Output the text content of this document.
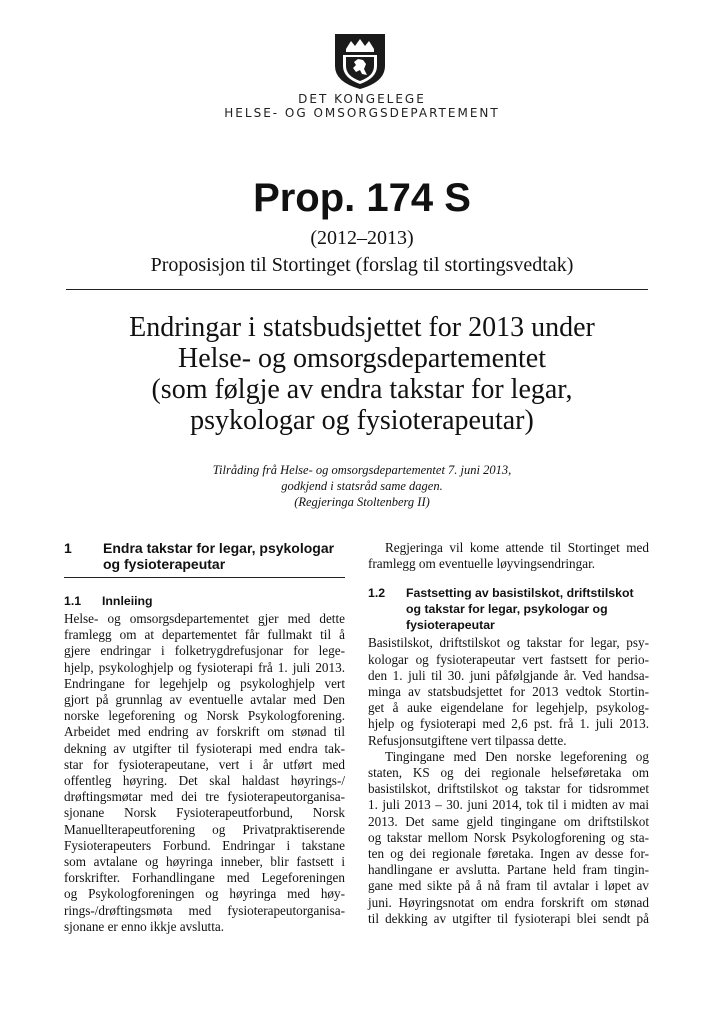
DET KONGELEGE
HELSE- OG OMSORGSDEPARTEMENT
Prop. 174 S
(2012–2013)
Proposisjon til Stortinget (forslag til stortingsvedtak)
Endringar i statsbudsjettet for 2013 under
Helse- og omsorgsdepartementet
(som følgje av endra takstar for legar,
psykologar og fysioterapeutar)
Tilråding frå Helse- og omsorgsdepartementet 7. juni 2013,
godkjend i statsråd same dagen.
(Regjeringa Stoltenberg II)
1	Endra takstar for legar, psykologar
og fysioterapeutar
1.1	Innleiing
Helse- og omsorgsdepartementet gjer med dette
framlegg om at departementet får fullmakt til å
gjere endringar i folketrygdrefusjonar for lege-
hjelp, psykologhjelp og fysioterapi frå 1. juli 2013.
Endringane for legehjelp og psykologhjelp vert
gjort på grunnlag av eventuelle avtalar med Den
norske legeforening og Norsk Psykologforening.
Arbeidet med endring av forskrift om stønad til
dekning av utgifter til fysioterapi med endra tak-
star for fysioterapeutane, vert i år utført med
offentleg høyring. Det skal haldast høyrings-/
drøftingsmøtar med dei tre fysioterapeutorganisa-
sjonane Norsk Fysioterapeutforbund, Norsk
Manuellterapeutforening og Privatpraktiserende
Fysioterapeuters Forbund. Endringar i takstane
som avtalane og høyringa inneber, blir fastsett i
forskrifter. Forhandlingane med Legeforeningen
og Psykologforeningen og høyringa med høy-
rings-/drøftingsmøta med fysioterapeutorganisa-
sjonane er enno ikkje avslutta.
Regjeringa vil kome attende til Stortinget med
framlegg om eventuelle løyvingsendringar.
1.2	Fastsetting av basistilskot, driftstilskot
og takstar for legar, psykologar og
fysioterapeutar
Basistilskot, driftstilskot og takstar for legar, psy-
kologar og fysioterapeutar vert fastsett for perio-
den 1. juli til 30. juni påfølgjande år. Ved handsa-
minga av statsbudsjettet for 2013 vedtok Stortin-
get å auke eigendelane for legehjelp, psykolog-
hjelp og fysioterapi med 2,6 pst. frå 1. juli 2013.
Refusjonsutgiftene vert tilpassa dette.
Tingingane med Den norske legeforening og
staten, KS og dei regionale helseføretaka om
basistilskot, driftstilskot og takstar for tidsrommet
1. juli 2013 – 30. juni 2014, tok til i midten av mai
2013. Det same gjeld tingingane om driftstilskot
og takstar mellom Norsk Psykologforening og sta-
ten og dei regionale føretaka. Ingen av desse for-
handlingane er avslutta. Partane held fram tingin-
gane med sikte på å nå fram til avtalar i løpet av
juni. Høyringsnotat om endra forskrift om stønad
til dekking av utgifter til fysioterapi blei sendt på
